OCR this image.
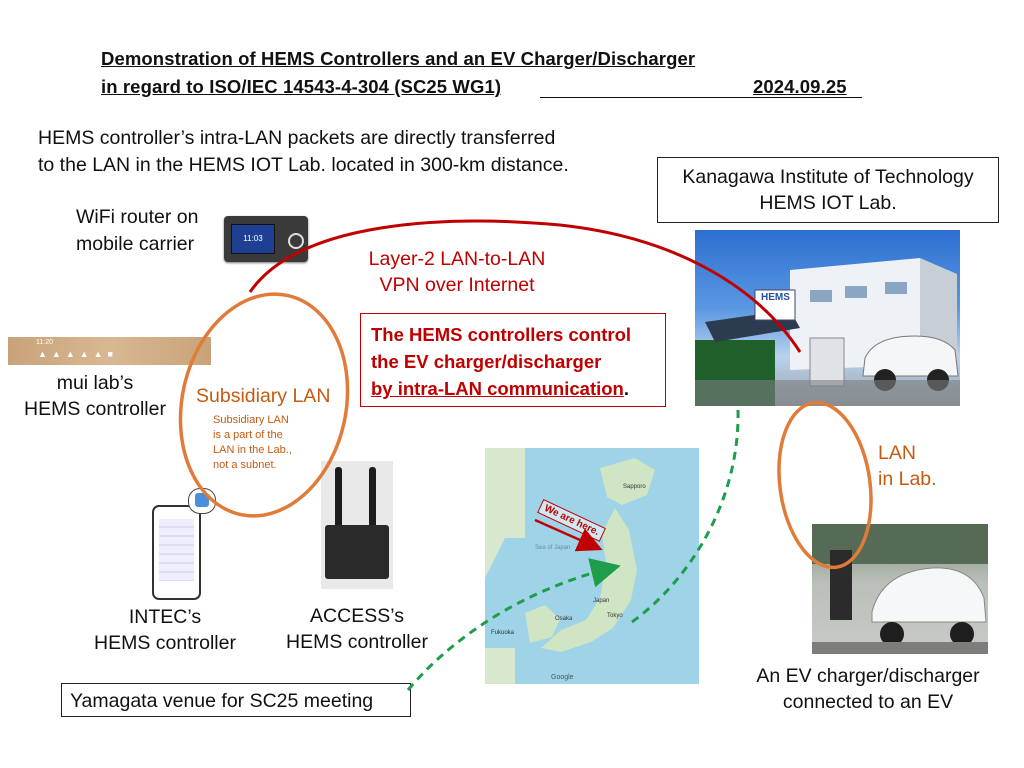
Demonstration of HEMS Controllers and an EV Charger/Discharger
in regard to ISO/IEC 14543-4-304 (SC25 WG1)	2024.09.25
HEMS controller’s intra-LAN packets are directly transferred
to the LAN in the HEMS IOT Lab. located in 300-km distance.
Kanagawa Institute of Technology
HEMS IOT Lab.
WiFi router on
mobile carrier	11:03
Layer-2 LAN-to-LAN
VPN over Internet
HEMS
The HEMS controllers control
the EV charger/discharger
by intra-LAN communication.
11:20
▲▲▲▲▲■
mui lab’s
HEMS controller
Subsidiary LAN
Subsidiary LAN
is a part of the
LAN in the Lab.,
not a subnet.
LAN
in Lab.
INTEC’s
HEMS controller
ACCESS’s
HEMS controller
We are here.
Sapporo
Sea of Japan
Japan
Osaka
Fukuoka
Tokyo
Google	An EV charger/discharger
connected to an EV
Yamagata venue for SC25 meeting
